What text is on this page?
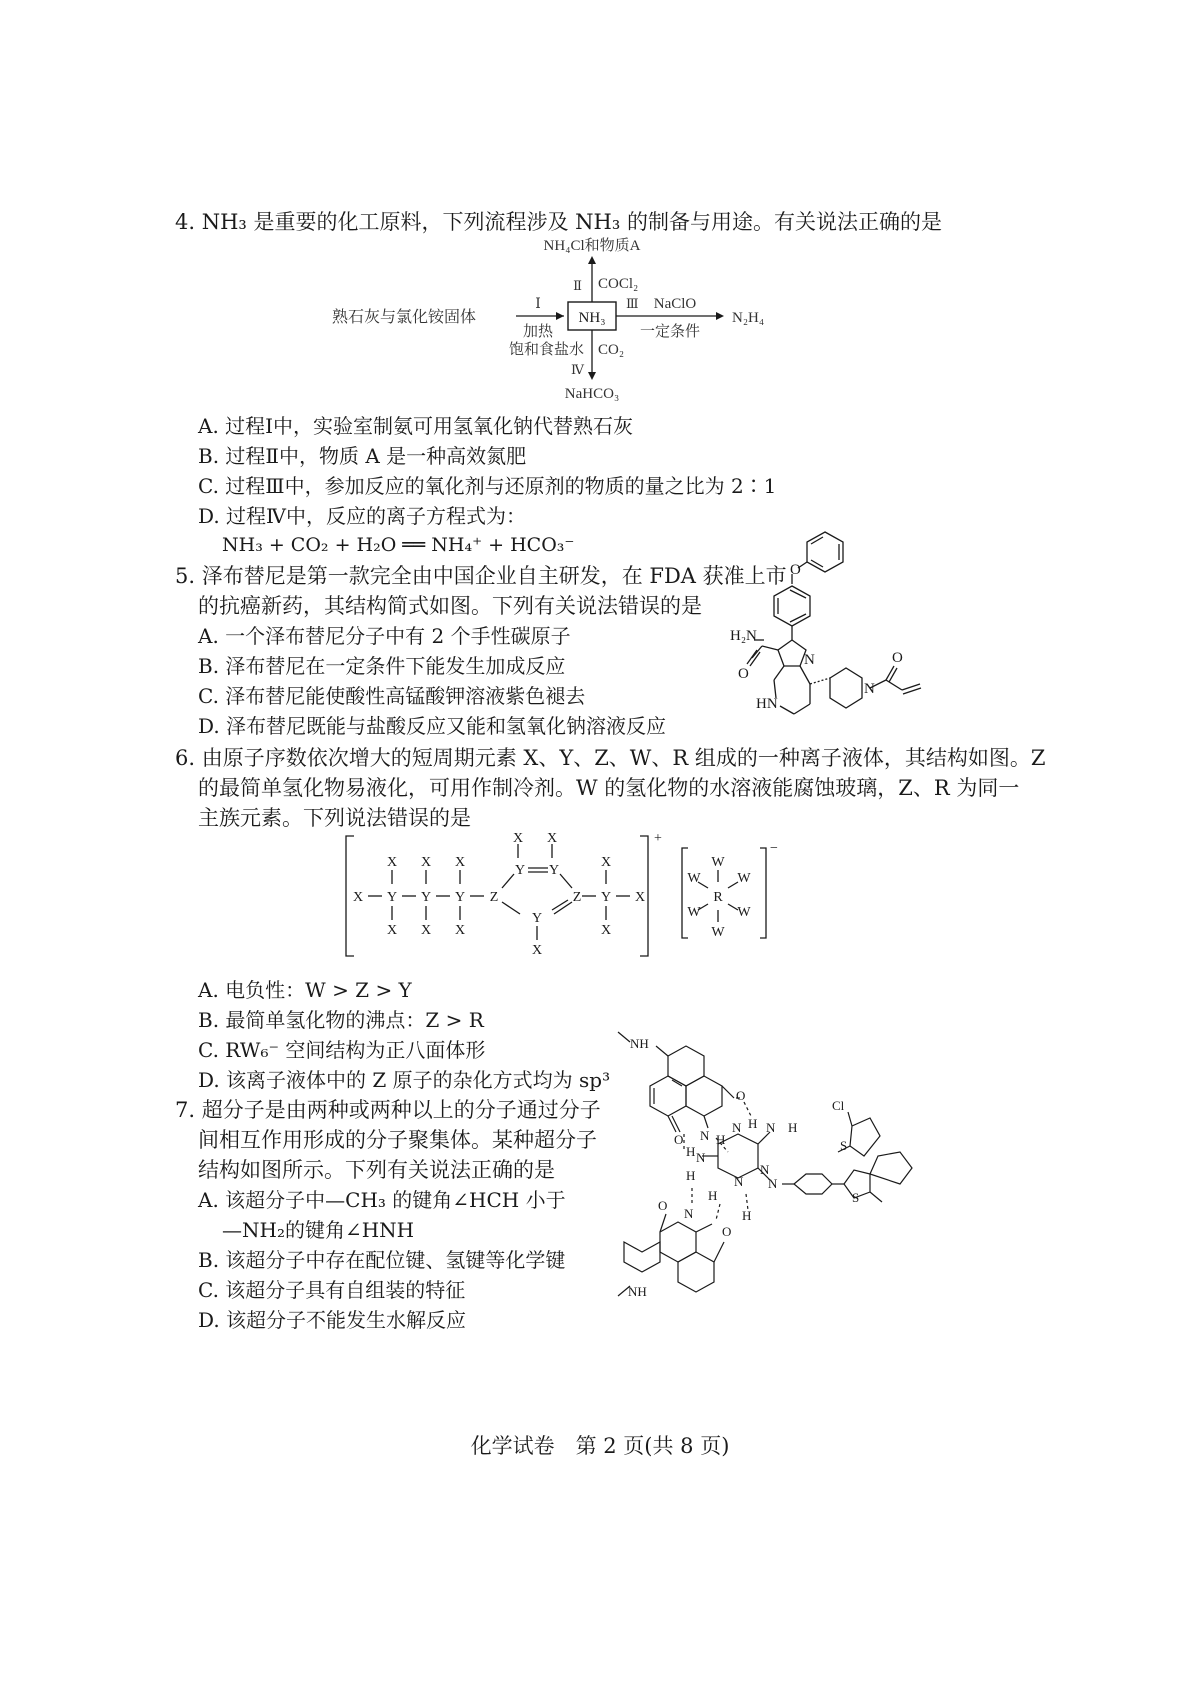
4. NH₃ 是重要的化工原料，下列流程涉及 NH₃ 的制备与用途。有关说法正确的是
NH₃
熟石灰与氯化铵固体
Ⅰ
加热
NH₄Cl和物质A
Ⅱ COCl₂
Ⅲ NaClO
一定条件
N₂H₄
饱和食盐水 CO₂
Ⅳ
NaHCO₃
A. 过程Ⅰ中，实验室制氨可用氢氧化钠代替熟石灰
B. 过程Ⅱ中，物质 A 是一种高效氮肥
C. 过程Ⅲ中，参加反应的氧化剂与还原剂的物质的量之比为 2∶1
D. 过程Ⅳ中，反应的离子方程式为：
NH₃ + CO₂ + H₂O ══ NH₄⁺ + HCO₃⁻
5. 泽布替尼是第一款完全由中国企业自主研发，在 FDA 获准上市
的抗癌新药，其结构简式如图。下列有关说法错误的是
A. 一个泽布替尼分子中有 2 个手性碳原子
B. 泽布替尼在一定条件下能发生加成反应
C. 泽布替尼能使酸性高锰酸钾溶液紫色褪去
D. 泽布替尼既能与盐酸反应又能和氢氧化钠溶液反应
O
H₂N
O
N
HN
N
O
6. 由原子序数依次增大的短周期元素 X、Y、Z、W、R 组成的一种离子液体，其结构如图。Z
的最简单氢化物易液化，可用作制冷剂。W 的氢化物的水溶液能腐蚀玻璃，Z、R 为同一
主族元素。下列说法错误的是
X Y Y Y Z
X X X
X X X
Y Y
X X
Z
Y
X
Y X
X
X
R
W
W
W	W
W	W
+
−
A. 电负性：W > Z > Y
B. 最简单氢化物的沸点：Z > R
C. RW₆⁻ 空间结构为正八面体形
D. 该离子液体中的 Z 原子的杂化方式均为 sp³
7. 超分子是由两种或两种以上的分子通过分子
间相互作用形成的分子聚集体。某种超分子
结构如图所示。下列有关说法正确的是
A. 该超分子中—CH₃ 的键角∠HCH 小于
—NH₂的键角∠HNH
B. 该超分子中存在配位键、氢键等化学键
C. 该超分子具有自组装的特征
D. 该超分子不能发生水解反应
NH
O
N H
O
H N H
H N
H
N
N
N
H
N
H
O
N
O
S
Cl
S
NH
化学试卷　第 2 页(共 8 页)
